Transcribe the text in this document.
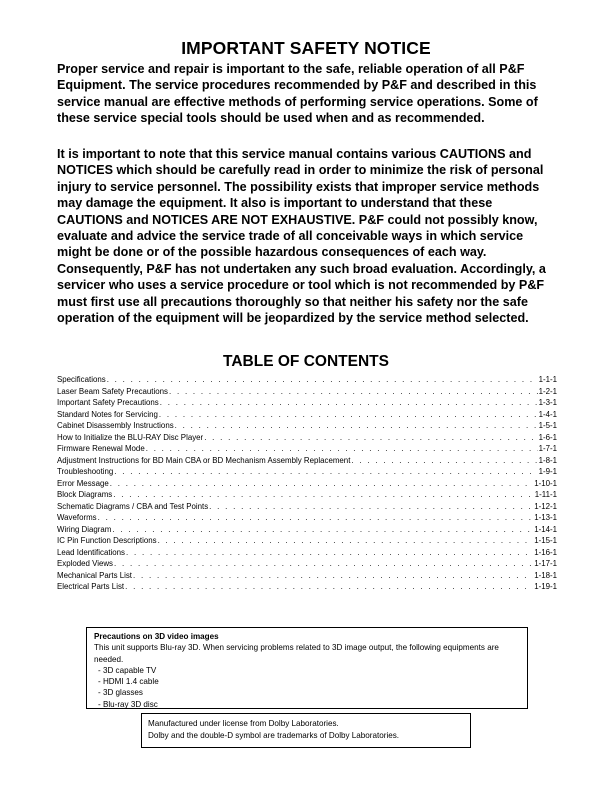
IMPORTANT SAFETY NOTICE

Proper service and repair is important to the safe, reliable operation of all P&F Equipment. The service procedures recommended by P&F and described in this service manual are effective methods of performing service operations. Some of these service special tools should be used when and as recommended.

It is important to note that this service manual contains various CAUTIONS and NOTICES which should be carefully read in order to minimize the risk of personal injury to service personnel. The possibility exists that improper service methods may damage the equipment. It also is important to understand that these CAUTIONS and NOTICES ARE NOT EXHAUSTIVE. P&F could not possibly know, evaluate and advice the service trade of all conceivable ways in which service might be done or of the possible hazardous consequences of each way. Consequently, P&F has not undertaken any such broad evaluation. Accordingly, a servicer who uses a service procedure or tool which is not recommended by P&F must first use all precautions thoroughly so that neither his safety nor the safe operation of the equipment will be jeopardized by the service method selected.

TABLE OF CONTENTS
Specifications . . .	1-1-1
Laser Beam Safety Precautions . . .	1-2-1
Important Safety Precautions . . .	1-3-1
Standard Notes for Servicing . . .	1-4-1
Cabinet Disassembly Instructions . . .	1-5-1
How to Initialize the BLU-RAY Disc Player . . .	1-6-1
Firmware Renewal Mode . . .	1-7-1
Adjustment Instructions for BD Main CBA or BD Mechanism Assembly Replacement . . .	1-8-1
Troubleshooting . . .	1-9-1
Error Message . . .	1-10-1
Block Diagrams . . .	1-11-1
Schematic Diagrams / CBA and Test Points . . .	1-12-1
Waveforms . . .	1-13-1
Wiring Diagram . . .	1-14-1
IC Pin Function Descriptions . . .	1-15-1
Lead Identifications . . .	1-16-1
Exploded Views . . .	1-17-1
Mechanical Parts List . . .	1-18-1
Electrical Parts List . . .	1-19-1
Precautions on 3D video images
This unit supports Blu-ray 3D. When servicing problems related to 3D image output, the following equipments are needed.
- 3D capable TV
- HDMI 1.4 cable
- 3D glasses
- Blu-ray 3D disc
Manufactured under license from Dolby Laboratories.
Dolby and the double-D symbol are trademarks of Dolby Laboratories.
